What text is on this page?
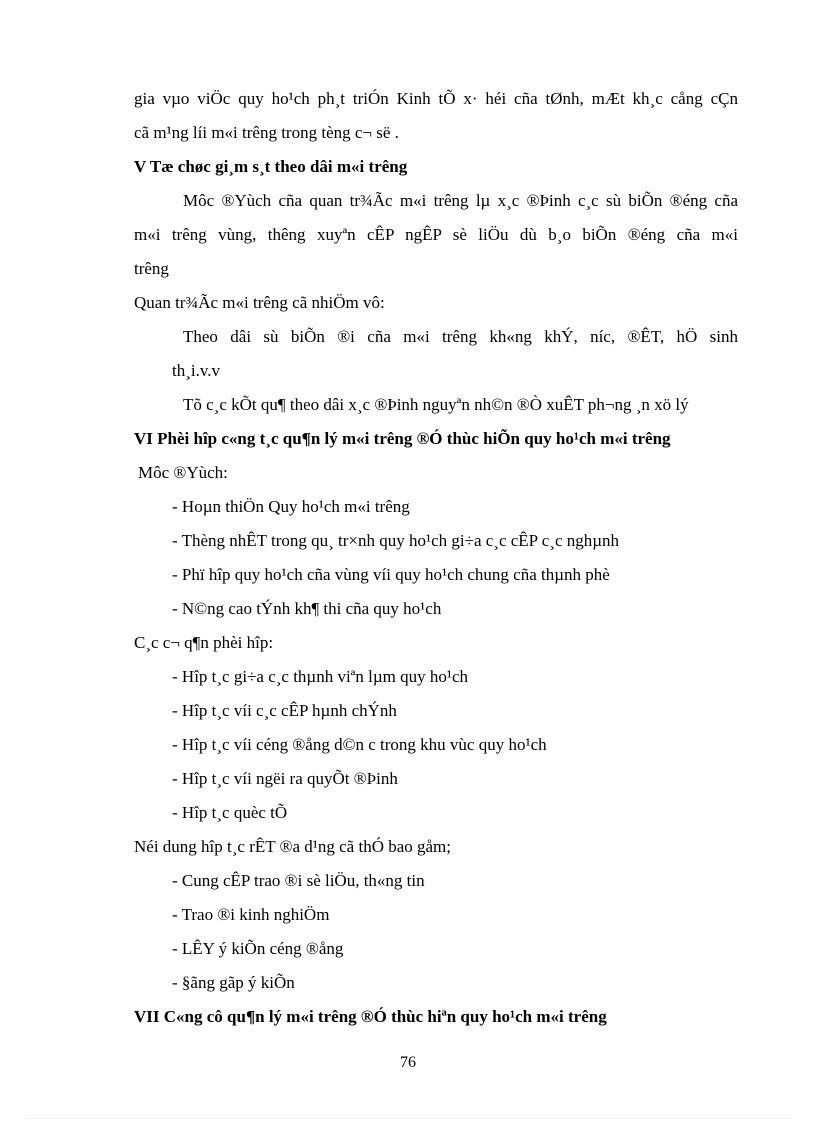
gia vµo viÖc quy ho¹ch ph¸t triÓn Kinh tÕ x· héi cña tØnh, mÆt kh¸c cång cÇn
cã m¹ng líi m«i trêng trong tèng c¬ së .
V Tæ chøc gi¸m s¸t theo dâi m«i trêng
Môc ®Yùch cña quan tr¾Ãc m«i trêng lµ x¸c ®Þinh c¸c sù biÕn ®éng cña
m«i trêng vùng, thêng xuyªn cÊP ngÊP sè liÖu dù b¸o biÕn ®éng cña m«i
trêng
Quan tr¾Ãc m«i trêng cã nhiÖm vô:
Theo dâi sù biÕn ®i cña m«i trêng kh«ng khÝ, níc, ®ÊT, hÖ sinh
th¸i.v.v
Tõ c¸c kÕt qu¶ theo dâi x¸c ®Þinh nguyªn nh©n ®Ò xuÊT ph¬ng ¸n xö lý
VI Phèi hîp c«ng t¸c qu¶n lý m«i trêng ®Ó thùc hiÕn quy ho¹ch m«i trêng
Môc ®Yùch:
- Hoµn thiÖn Quy ho¹ch m«i trêng
- Thèng nhÊT trong qu¸ tr×nh quy ho¹ch gi÷a c¸c cÊP c¸c nghµnh
- Phï hîp quy ho¹ch cña vùng víi quy ho¹ch chung cña thµnh phè
- N©ng cao tÝnh kh¶ thi cña quy ho¹ch
C¸c c¬ q¶n phèi hîp:
- Hîp t¸c gi÷a c¸c thµnh viªn lµm quy ho¹ch
- Hîp t¸c víi c¸c cÊP hµnh chÝnh
- Hîp t¸c víi céng ®ång d©n c trong khu vùc quy ho¹ch
- Hîp t¸c víi ngëi ra quyÕt ®Þinh
- Hîp t¸c quèc tÕ
Néi dung hîp t¸c rÊT ®a d¹ng cã thÓ bao gåm;
- Cung cÊP trao ®i sè liÖu, th«ng tin
- Trao ®i kinh nghiÖm
- LÊY ý kiÕn céng ®ång
- §ãng gãp ý kiÕn
VII C«ng cô qu¶n lý m«i trêng ®Ó thùc hiªn quy ho¹ch m«i trêng
76
